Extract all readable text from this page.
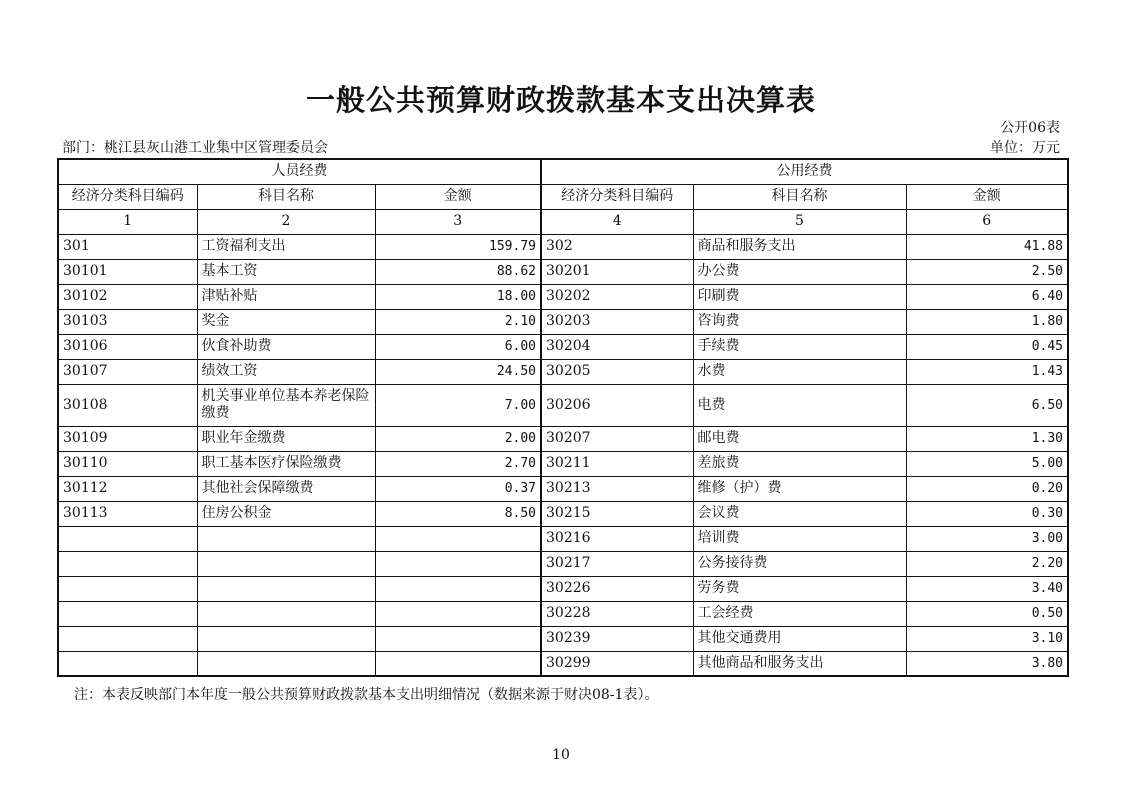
一般公共预算财政拨款基本支出决算表
公开06表
部门：桃江县灰山港工业集中区管理委员会	单位：万元
人员经费			公用经费		
经济分类科目编码	科目名称	金额	经济分类科目编码	科目名称	金额
1	2	3	4	5	6
301	工资福利支出	159.79	302	商品和服务支出	41.88
30101	基本工资	88.62	30201	办公费	2.50
30102	津贴补贴	18.00	30202	印刷费	6.40
30103	奖金	2.10	30203	咨询费	1.80
30106	伙食补助费	6.00	30204	手续费	0.45
30107	绩效工资	24.50	30205	水费	1.43
30108	机关事业单位基本养老保险缴费	7.00	30206	电费	6.50
30109	职业年金缴费	2.00	30207	邮电费	1.30
30110	职工基本医疗保险缴费	2.70	30211	差旅费	5.00
30112	其他社会保障缴费	0.37	30213	维修（护）费	0.20
30113	住房公积金	8.50	30215	会议费	0.30
			30216	培训费	3.00
			30217	公务接待费	2.20
			30226	劳务费	3.40
			30228	工会经费	0.50
			30239	其他交通费用	3.10
			30299	其他商品和服务支出	3.80
注：本表反映部门本年度一般公共预算财政拨款基本支出明细情况（数据来源于财决08-1表）。
10
